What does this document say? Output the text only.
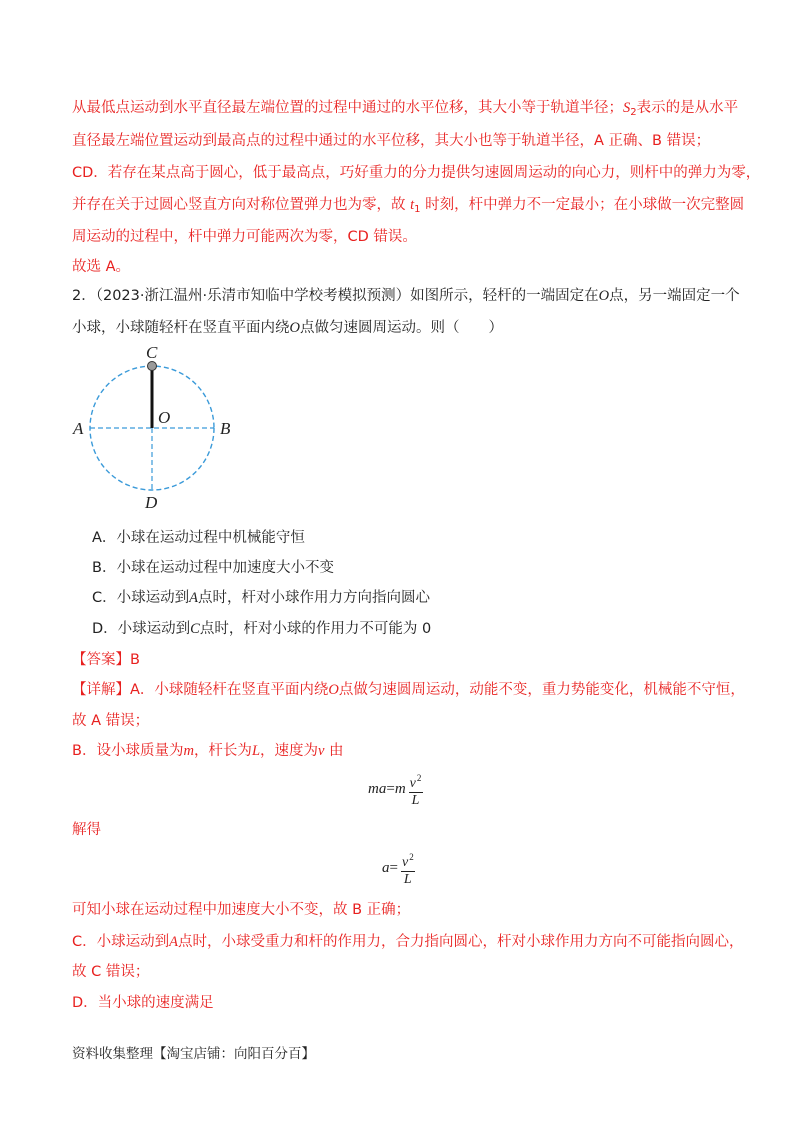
从最低点运动到水平直径最左端位置的过程中通过的水平位移，其大小等于轨道半径；$S_2$表示的是从水平
直径最左端位置运动到最高点的过程中通过的水平位移，其大小也等于轨道半径，A 正确、B 错误；
CD．若存在某点高于圆心，低于最高点，巧好重力的分力提供匀速圆周运动的向心力，则杆中的弹力为零，
并存在关于过圆心竖直方向对称位置弹力也为零，故 $t_1$ 时刻，杆中弹力不一定最小；在小球做一次完整圆
周运动的过程中，杆中弹力可能两次为零，CD 错误。
故选 A。
2．（2023·浙江温州·乐清市知临中学校考模拟预测）如图所示，轻杆的一端固定在O点，另一端固定一个
小球，小球随轻杆在竖直平面内绕O点做匀速圆周运动。则（　　）
C
O
A	B
D
A．小球在运动过程中机械能守恒
B．小球在运动过程中加速度大小不变
C．小球运动到A点时，杆对小球作用力方向指向圆心
D．小球运动到C点时，杆对小球的作用力不可能为 0
【答案】B
【详解】A．小球随轻杆在竖直平面内绕O点做匀速圆周运动，动能不变，重力势能变化，机械能不守恒，
故 A 错误；
B．设小球质量为m，杆长为L，速度为v 由
ma = m $\frac{v^2}{L}$
解得
$a = \frac{v^2}{L}$
可知小球在运动过程中加速度大小不变，故 B 正确；
C．小球运动到A点时，小球受重力和杆的作用力，合力指向圆心，杆对小球作用力方向不可能指向圆心，
故 C 错误；
D．当小球的速度满足
资料收集整理【淘宝店铺：向阳百分百】
